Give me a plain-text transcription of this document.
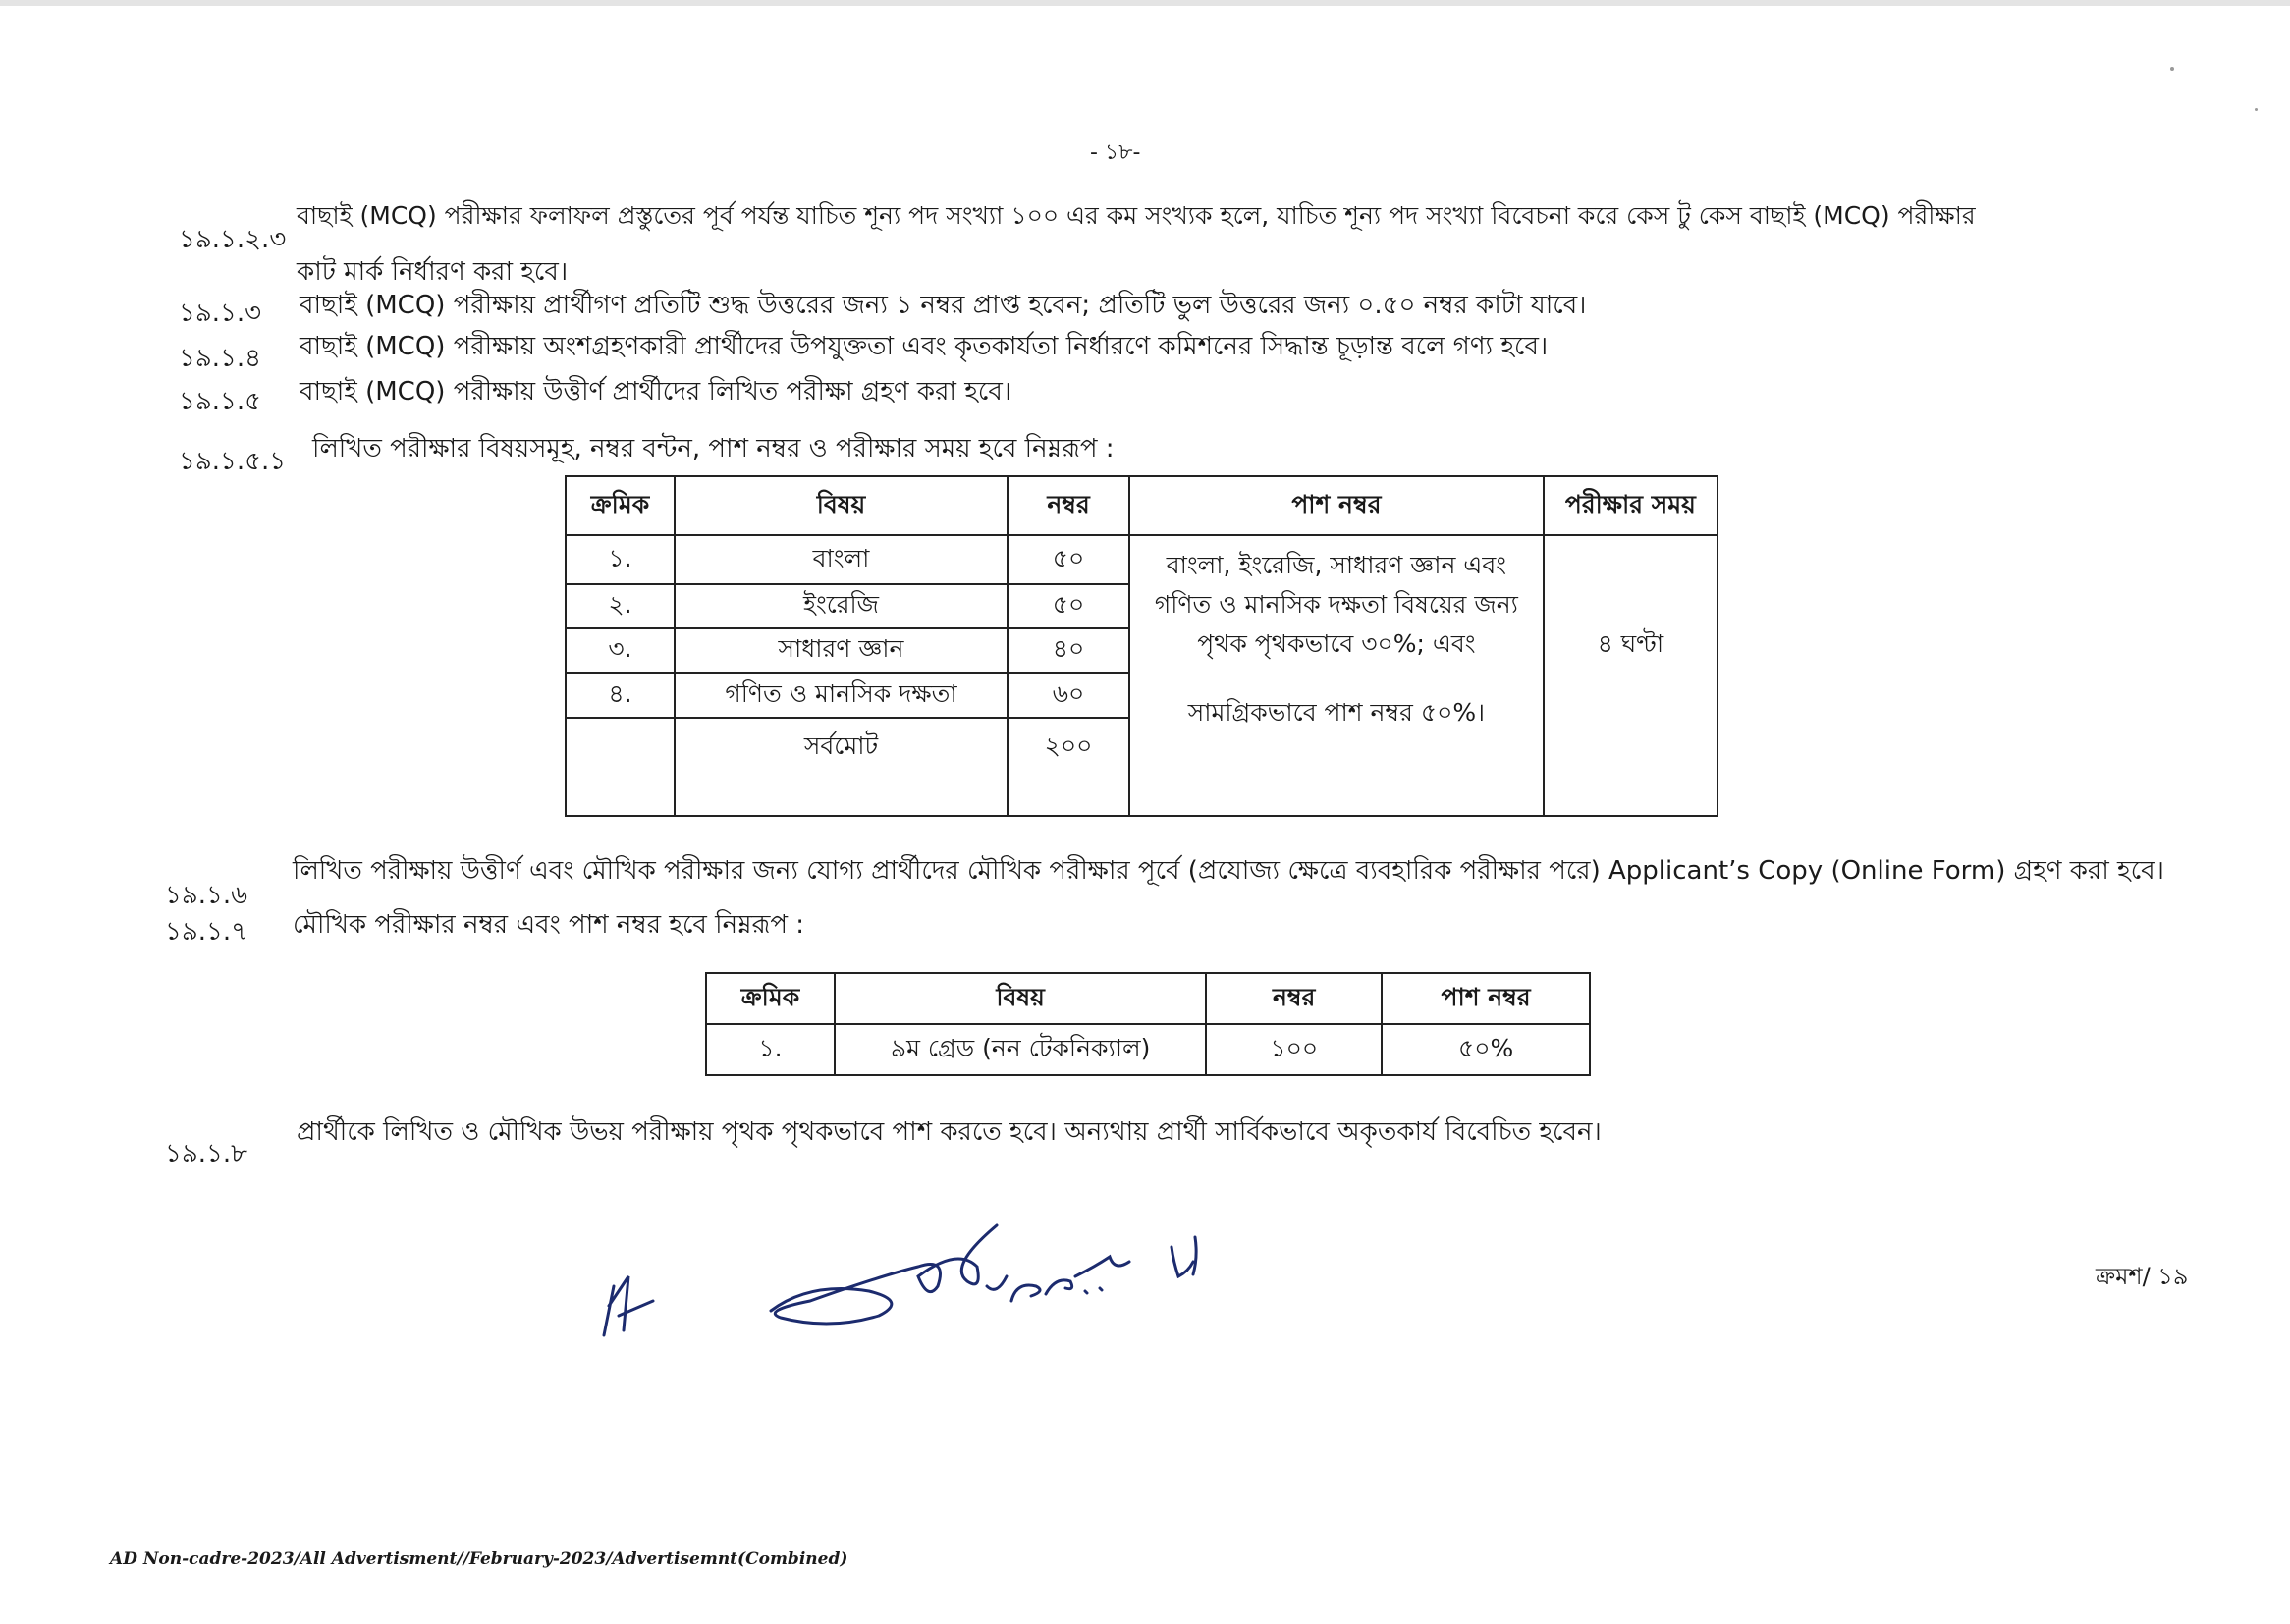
- ১৮-
১৯.১.২.৩
বাছাই (MCQ) পরীক্ষার ফলাফল প্রস্তুতের পূর্ব পর্যন্ত যাচিত শূন্য পদ সংখ্যা ১০০ এর কম সংখ্যক হলে, যাচিত শূন্য পদ সংখ্যা বিবেচনা করে কেস টু কেস বাছাই (MCQ) পরীক্ষার
কাট মার্ক নির্ধারণ করা হবে।
১৯.১.৩ বাছাই (MCQ) পরীক্ষায় প্রার্থীগণ প্রতিটি শুদ্ধ উত্তরের জন্য ১ নম্বর প্রাপ্ত হবেন; প্রতিটি ভুল উত্তরের জন্য ০.৫০ নম্বর কাটা যাবে।
১৯.১.৪ বাছাই (MCQ) পরীক্ষায় অংশগ্রহণকারী প্রার্থীদের উপযুক্ততা এবং কৃতকার্যতা নির্ধারণে কমিশনের সিদ্ধান্ত চূড়ান্ত বলে গণ্য হবে।
১৯.১.৫ বাছাই (MCQ) পরীক্ষায় উত্তীর্ণ প্রার্থীদের লিখিত পরীক্ষা গ্রহণ করা হবে।
১৯.১.৫.১ লিখিত পরীক্ষার বিষয়সমূহ, নম্বর বন্টন, পাশ নম্বর ও পরীক্ষার সময় হবে নিম্নরূপ :
ক্রমিক	বিষয়	নম্বর	পাশ নম্বর	পরীক্ষার সময়
১.	বাংলা	৫০	বাংলা, ইংরেজি, সাধারণ জ্ঞান এবং
গণিত ও মানসিক দক্ষতা বিষয়ের জন্য
পৃথক পৃথকভাবে ৩০%; এবং
সামগ্রিকভাবে পাশ নম্বর ৫০%।	৪ ঘণ্টা
২.	ইংরেজি	৫০		
৩.	সাধারণ জ্ঞান	৪০		
৪.	গণিত ও মানসিক দক্ষতা	৬০		
	সর্বমোট	২০০		
১৯.১.৬
লিখিত পরীক্ষায় উত্তীর্ণ এবং মৌখিক পরীক্ষার জন্য যোগ্য প্রার্থীদের মৌখিক পরীক্ষার পূর্বে (প্রযোজ্য ক্ষেত্রে ব্যবহারিক পরীক্ষার পরে) Applicant’s Copy (Online Form) গ্রহণ করা হবে।
১৯.১.৭ মৌখিক পরীক্ষার নম্বর এবং পাশ নম্বর হবে নিম্নরূপ :
ক্রমিক	বিষয়	নম্বর	পাশ নম্বর
১.	৯ম গ্রেড (নন টেকনিক্যাল)	১০০	৫০%
১৯.১.৮
প্রার্থীকে লিখিত ও মৌখিক উভয় পরীক্ষায় পৃথক পৃথকভাবে পাশ করতে হবে। অন্যথায় প্রার্থী সার্বিকভাবে অকৃতকার্য বিবেচিত হবেন।
ক্রমশ/ ১৯
AD Non-cadre-2023/All Advertisment//February-2023/Advertisemnt(Combined)
